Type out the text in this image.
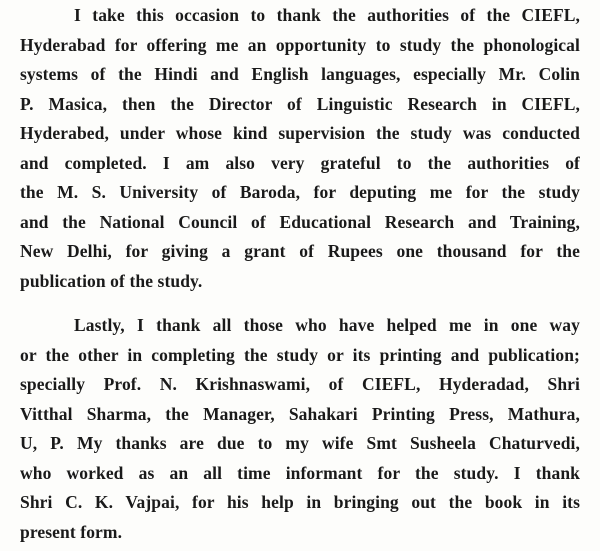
I take this occasion to thank the authorities of the CIEFL,

Hyderabad for offering me an opportunity to study the phonological

systems of the Hindi and English languages, especially Mr. Colin

P. Masica, then the Director of Linguistic Research in CIEFL,

Hyderabed, under whose kind supervision the study was conducted

and completed. I am also very grateful to the authorities of

the M. S. University of Baroda, for deputing me for the study

and the National Council of Educational Research and Training,

New Delhi, for giving a grant of Rupees one thousand for the

publication of the study.

Lastly, I thank all those who have helped me in one way

or the other in completing the study or its printing and publication;

specially Prof. N. Krishnaswami, of CIEFL, Hyderadad, Shri

Vitthal Sharma, the Manager, Sahakari Printing Press, Mathura,

U, P. My thanks are due to my wife Smt Susheela Chaturvedi,

who worked as an all time informant for the study. I thank

Shri C. K. Vajpai, for his help in bringing out the book in its

present form.
